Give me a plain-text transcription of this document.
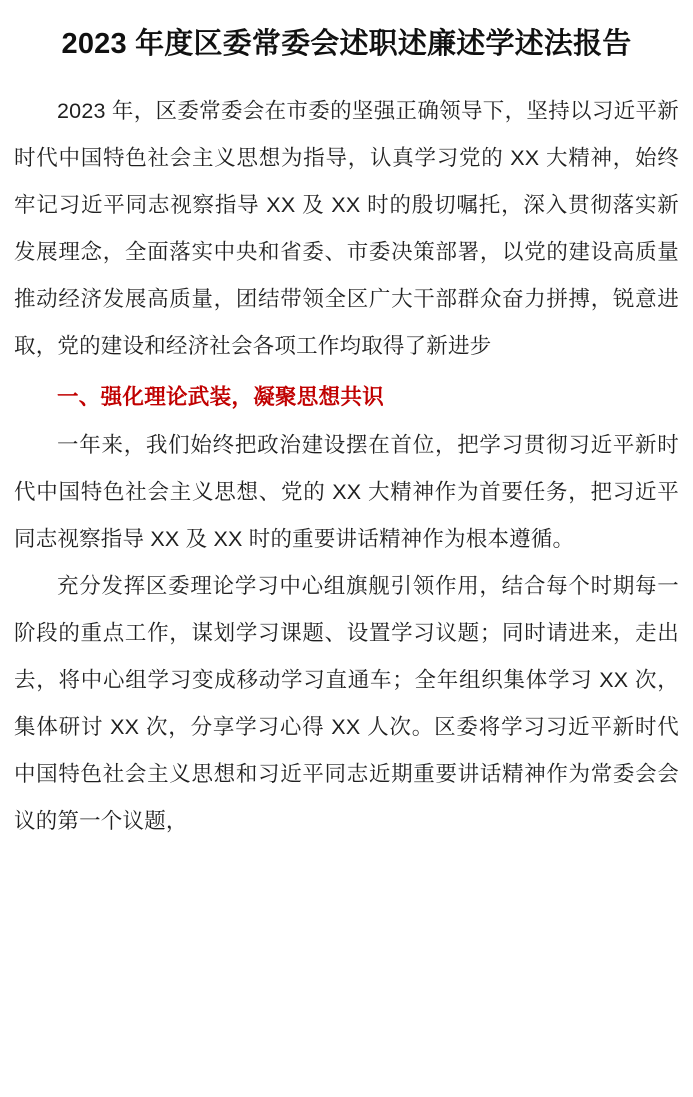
2023 年度区委常委会述职述廉述学述法报告

2023 年，区委常委会在市委的坚强正确领导下，坚持以习近平新时代中国特色社会主义思想为指导，认真学习党的 XX 大精神，始终牢记习近平同志视察指导 XX 及 XX 时的殷切嘱托，深入贯彻落实新发展理念，全面落实中央和省委、市委决策部署，以党的建设高质量推动经济发展高质量，团结带领全区广大干部群众奋力拼搏，锐意进取，党的建设和经济社会各项工作均取得了新进步

一、强化理论武装，凝聚思想共识

一年来，我们始终把政治建设摆在首位，把学习贯彻习近平新时代中国特色社会主义思想、党的 XX 大精神作为首要任务，把习近平同志视察指导 XX 及 XX 时的重要讲话精神作为根本遵循。

充分发挥区委理论学习中心组旗舰引领作用，结合每个时期每一阶段的重点工作，谋划学习课题、设置学习议题；同时请进来，走出去，将中心组学习变成移动学习直通车；全年组织集体学习 XX 次，集体研讨 XX 次，分享学习心得 XX 人次。区委将学习习近平新时代中国特色社会主义思想和习近平同志近期重要讲话精神作为常委会会议的第一个议题，
